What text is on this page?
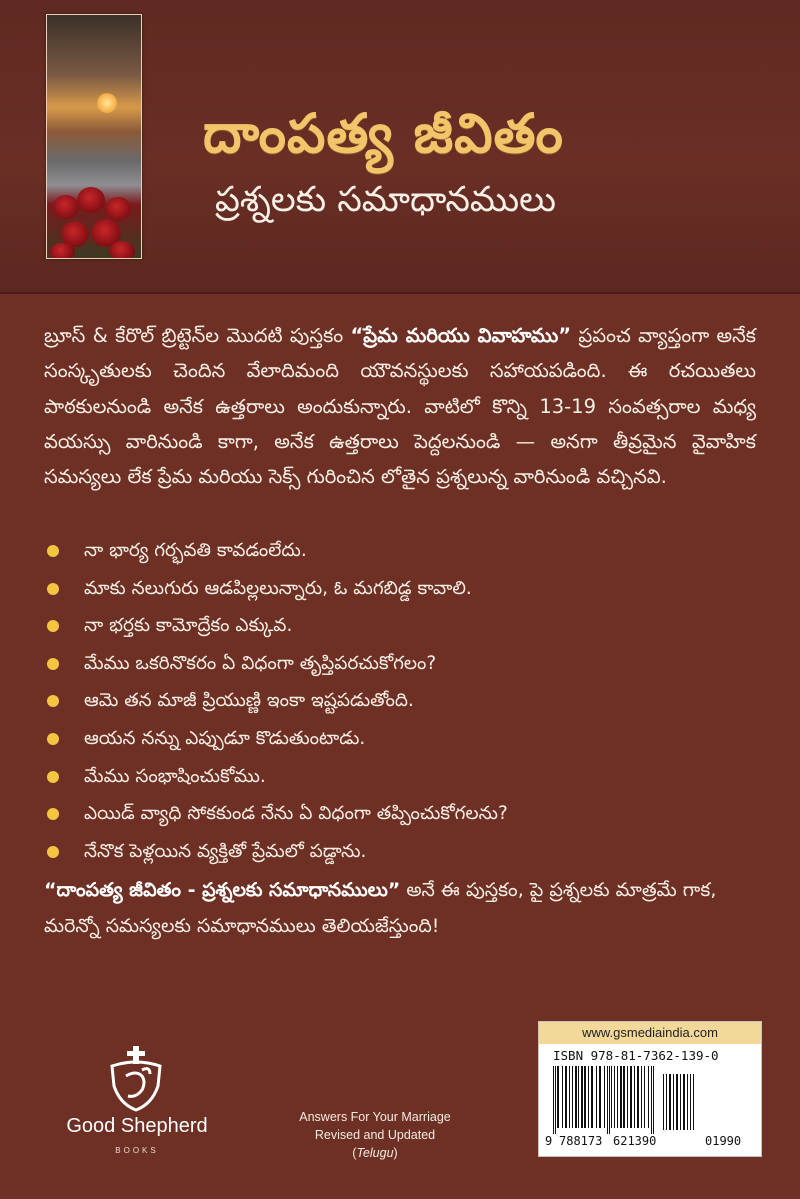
దాంపత్య జీవితం
ప్రశ్నలకు సమాధానములు
బ్రూస్ & కేరొల్ బ్రిట్టెన్‌ల మొదటి పుస్తకం “ప్రేమ మరియు వివాహము” ప్రపంచ వ్యాప్తంగా అనేక సంస్కృతులకు చెందిన వేలాదిమంది యౌవనస్థులకు సహాయపడింది. ఈ రచయితలు పాఠకులనుండి అనేక ఉత్తరాలు అందుకున్నారు. వాటిలో కొన్ని 13-19 సంవత్సరాల మధ్య వయస్సు వారినుండి కాగా, అనేక ఉత్తరాలు పెద్దలనుండి — అనగా తీవ్రమైన వైవాహిక సమస్యలు లేక ప్రేమ మరియు సెక్స్ గురించిన లోతైన ప్రశ్నలున్న వారినుండి వచ్చినవి.
నా భార్య గర్భవతి కావడంలేదు.
మాకు నలుగురు ఆడపిల్లలున్నారు, ఓ మగబిడ్డ కావాలి.
నా భర్తకు కామోద్రేకం ఎక్కువ.
మేము ఒకరినొకరం ఏ విధంగా తృప్తిపరచుకోగలం?
ఆమె తన మాజీ ప్రియుణ్ణి ఇంకా ఇష్టపడుతోంది.
ఆయన నన్ను ఎప్పుడూ కొడుతుంటాడు.
మేము సంభాషించుకోము.
ఎయిడ్ వ్యాధి సోకకుండ నేను ఏ విధంగా తప్పించుకోగలను?
నేనొక పెళ్లయిన వ్యక్తితో ప్రేమలో పడ్డాను.
“దాంపత్య జీవితం - ప్రశ్నలకు సమాధానములు” అనే ఈ పుస్తకం, పై ప్రశ్నలకు మాత్రమే గాక, మరెన్నో సమస్యలకు సమాధానములు తెలియజేస్తుంది!
Good Shepherd
BOOKS
Answers For Your Marriage
Revised and Updated
(Telugu)
www.gsmediaindia.com
ISBN 978-81-7362-139-0
9 788173 621390	01990
